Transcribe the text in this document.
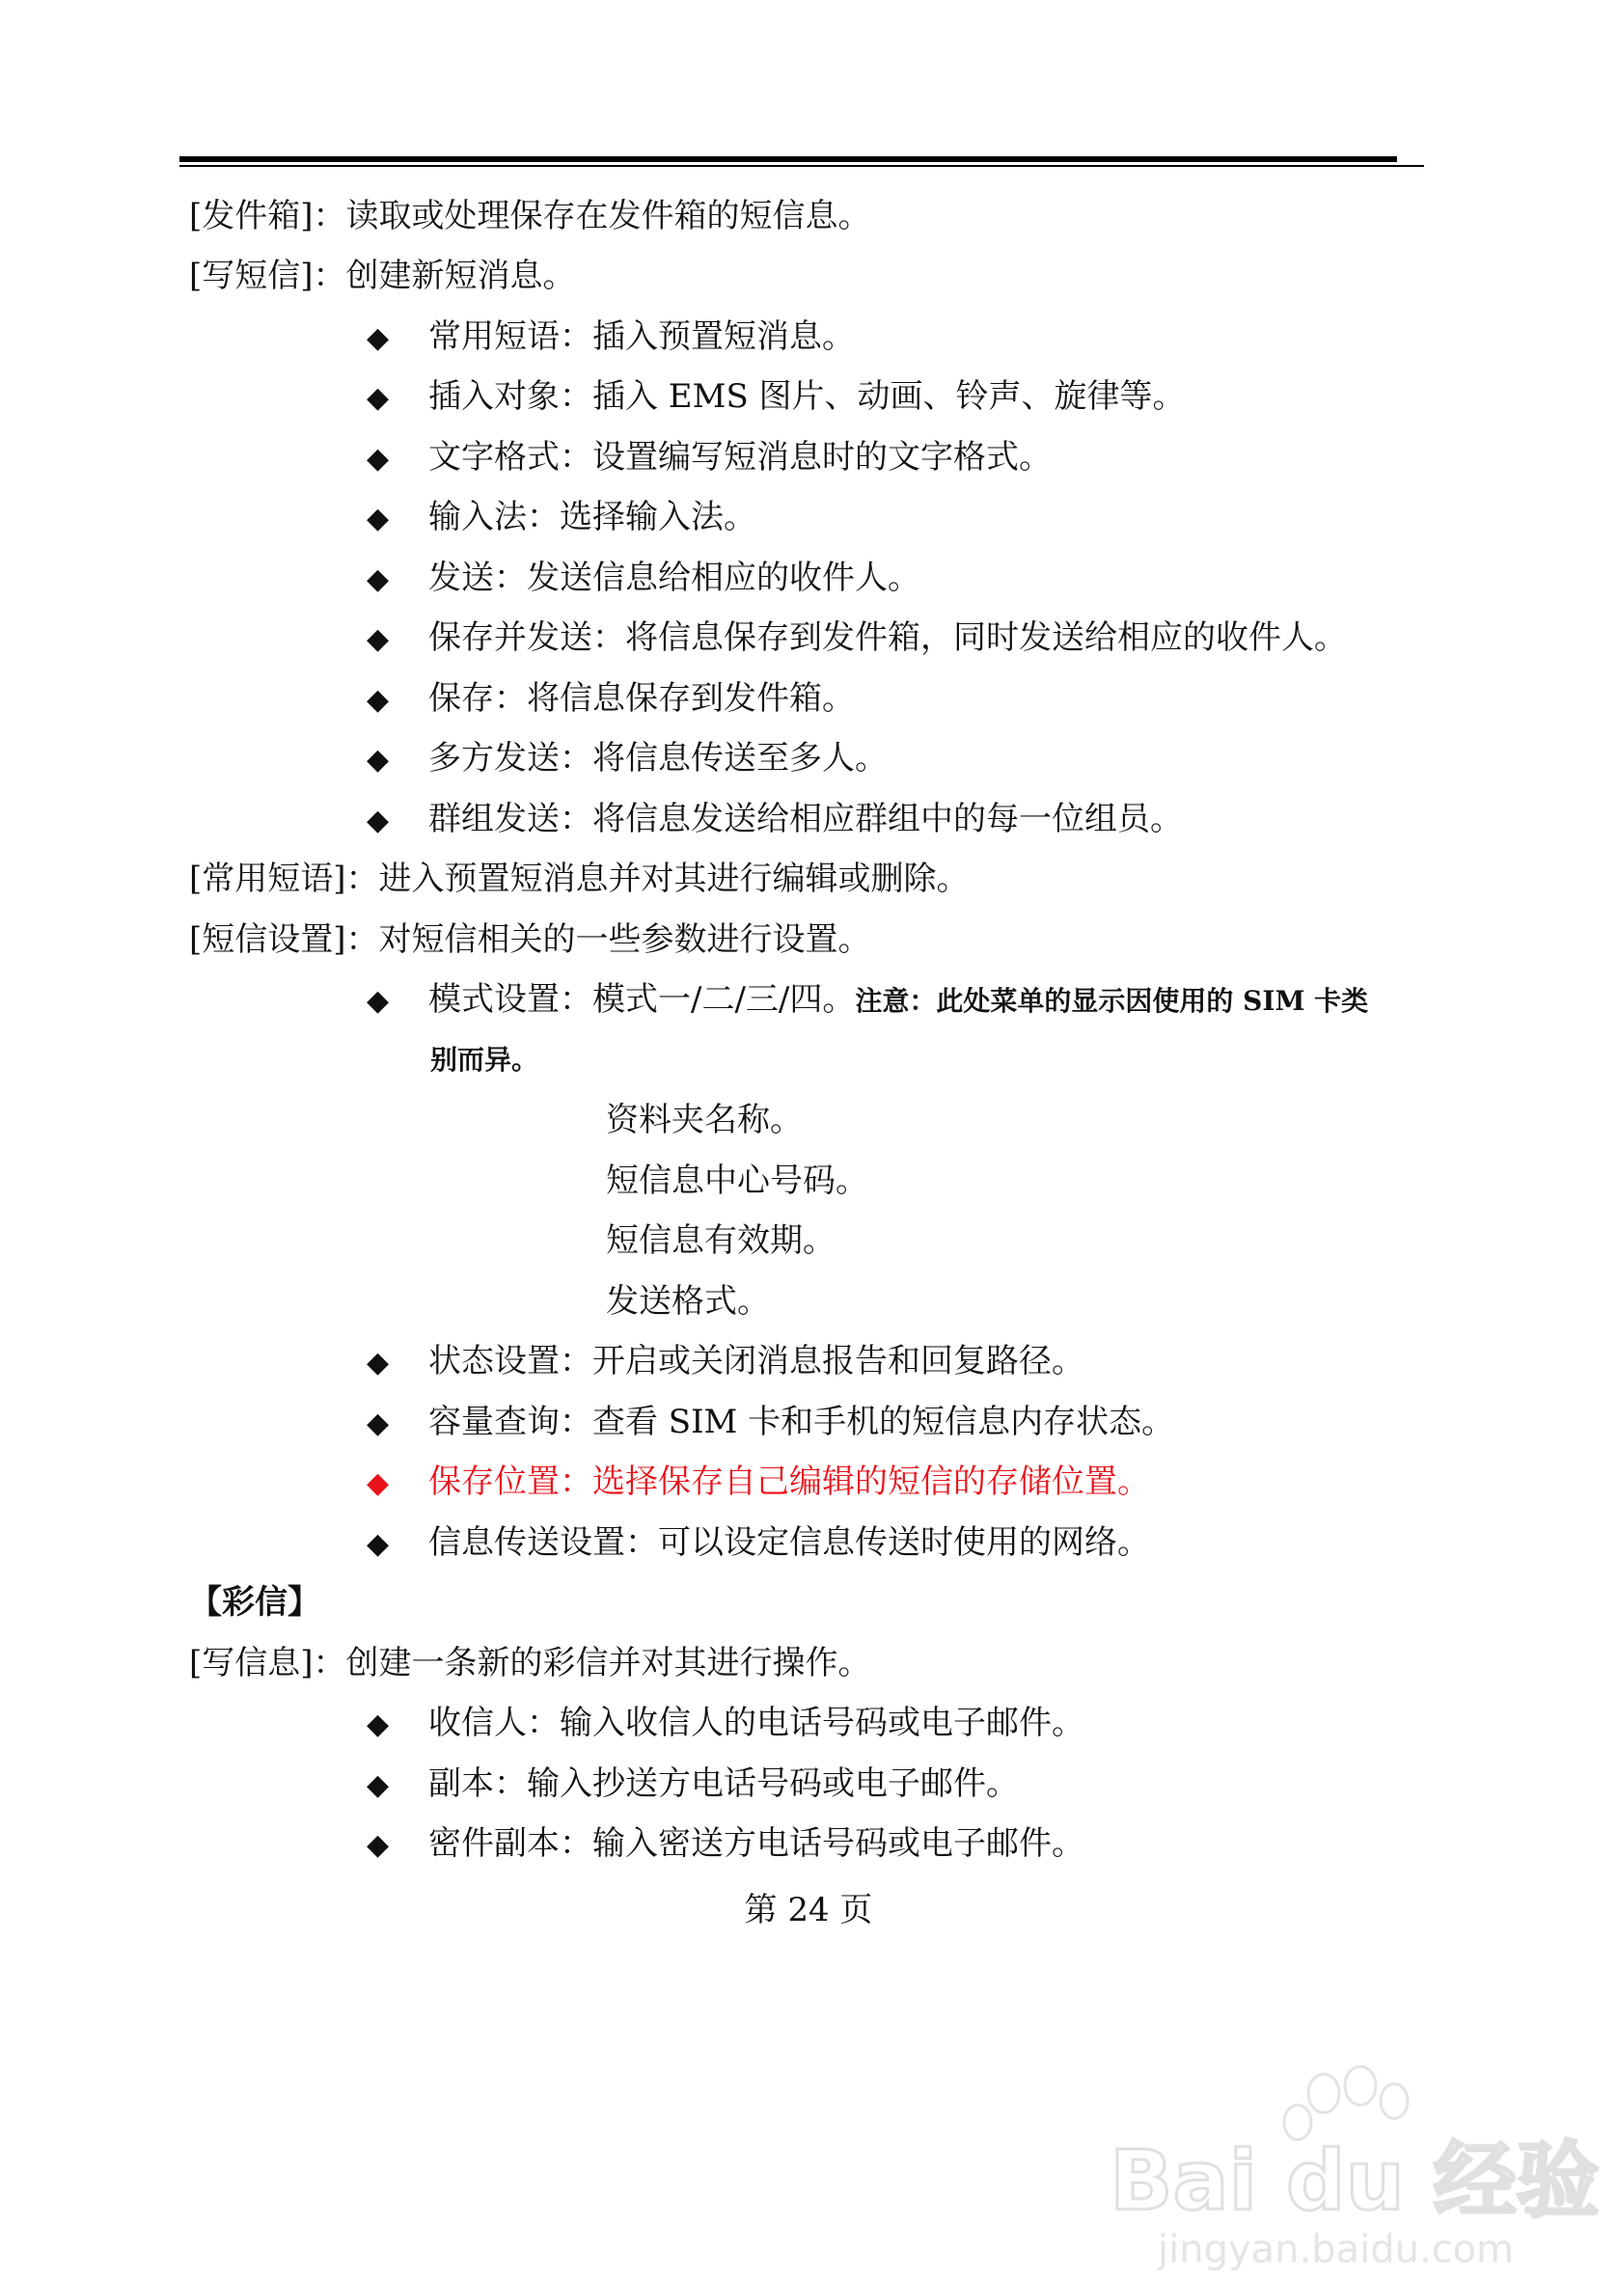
[发件箱]：读取或处理保存在发件箱的短信息。
[写短信]：创建新短消息。
◆ 常用短语：插入预置短消息。
◆ 插入对象：插入 EMS 图片、动画、铃声、旋律等。
◆ 文字格式：设置编写短消息时的文字格式。
◆ 输入法：选择输入法。
◆ 发送：发送信息给相应的收件人。
◆ 保存并发送：将信息保存到发件箱，同时发送给相应的收件人。
◆ 保存：将信息保存到发件箱。
◆ 多方发送：将信息传送至多人。
◆ 群组发送：将信息发送给相应群组中的每一位组员。
[常用短语]：进入预置短消息并对其进行编辑或删除。
[短信设置]：对短信相关的一些参数进行设置。
◆ 模式设置：模式一/二/三/四。注意：此处菜单的显示因使用的 SIM 卡类
别而异。
资料夹名称。
短信息中心号码。
短信息有效期。
发送格式。
◆ 状态设置：开启或关闭消息报告和回复路径。
◆ 容量查询：查看 SIM 卡和手机的短信息内存状态。
◆ 保存位置：选择保存自己编辑的短信的存储位置。
◆ 信息传送设置：可以设定信息传送时使用的网络。
【彩信】
[写信息]：创建一条新的彩信并对其进行操作。
◆ 收信人：输入收信人的电话号码或电子邮件。
◆ 副本：输入抄送方电话号码或电子邮件。
◆ 密件副本：输入密送方电话号码或电子邮件。
第 24 页
Bai du 经验
jingyan.baidu.com
